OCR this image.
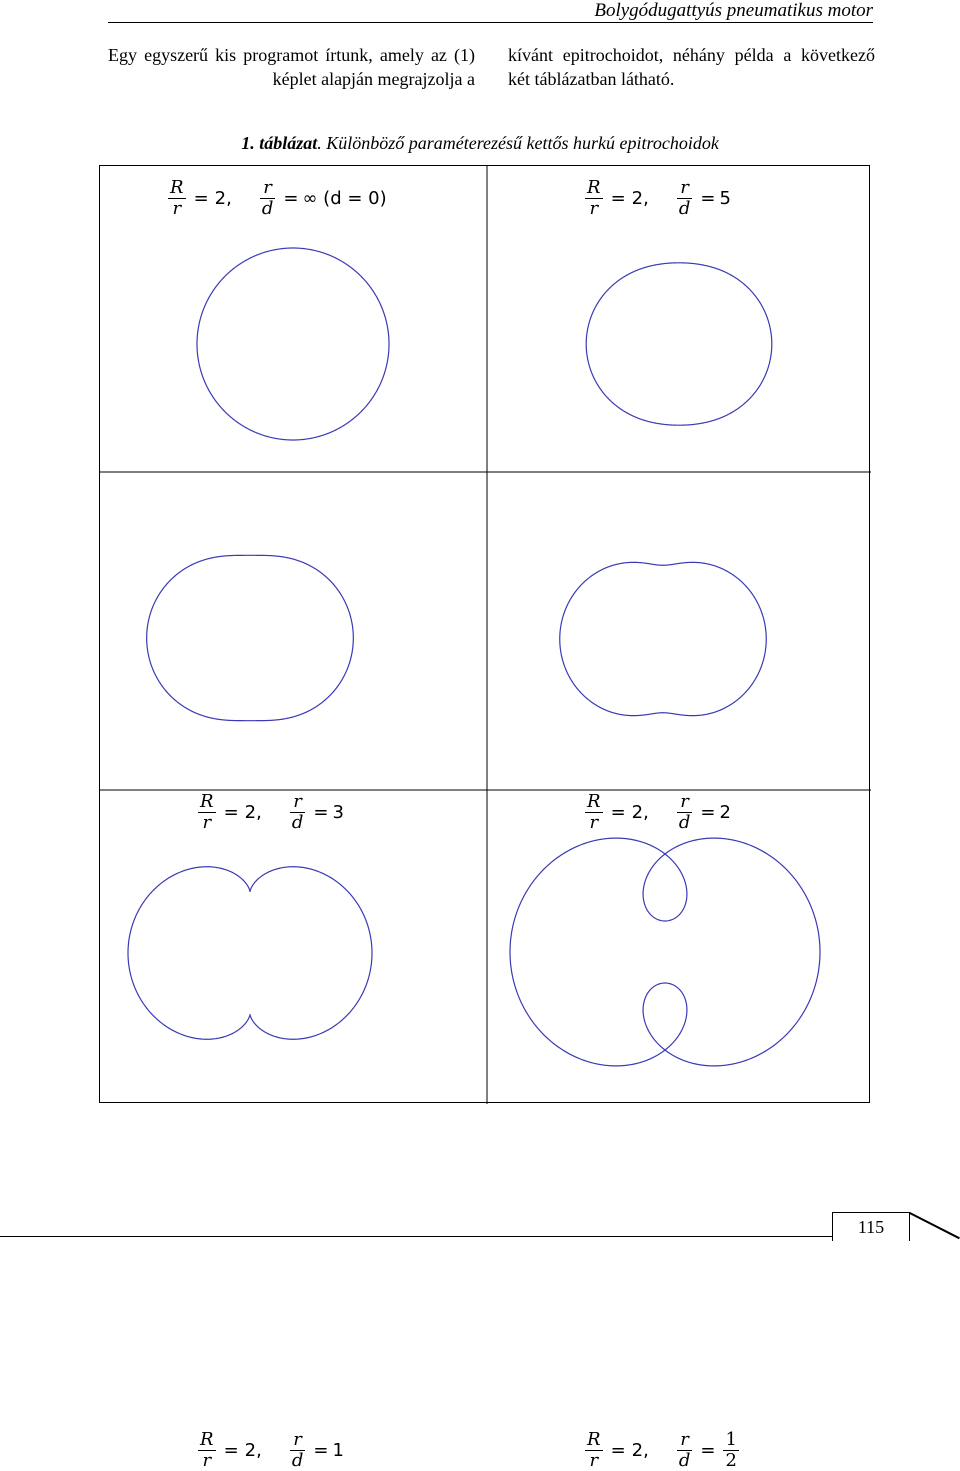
Bolygódugattyús pneumatikus motor
Egy egyszerű kis programot írtunk, amely az (1) képlet alapján megrajzolja a
kívánt epitrochoidot, néhány példa a következő két táblázatban látható.
1. táblázat. Különböző paraméterezésű kettős hurkú epitrochoidok
$\frac{R}{r} = 2$, $\frac{r}{d}$ = ∞ (d = 0)	$\frac{R}{r} = 2$, $\frac{r}{d} = 5$
$\frac{R}{r} = 2$, $\frac{r}{d} = 3$	$\frac{R}{r} = 2$, $\frac{r}{d} = 2$
$\frac{R}{r} = 2$, $\frac{r}{d} = 1$	$\frac{R}{r} = 2$, $\frac{r}{d} = \frac{1}{2}$
115
